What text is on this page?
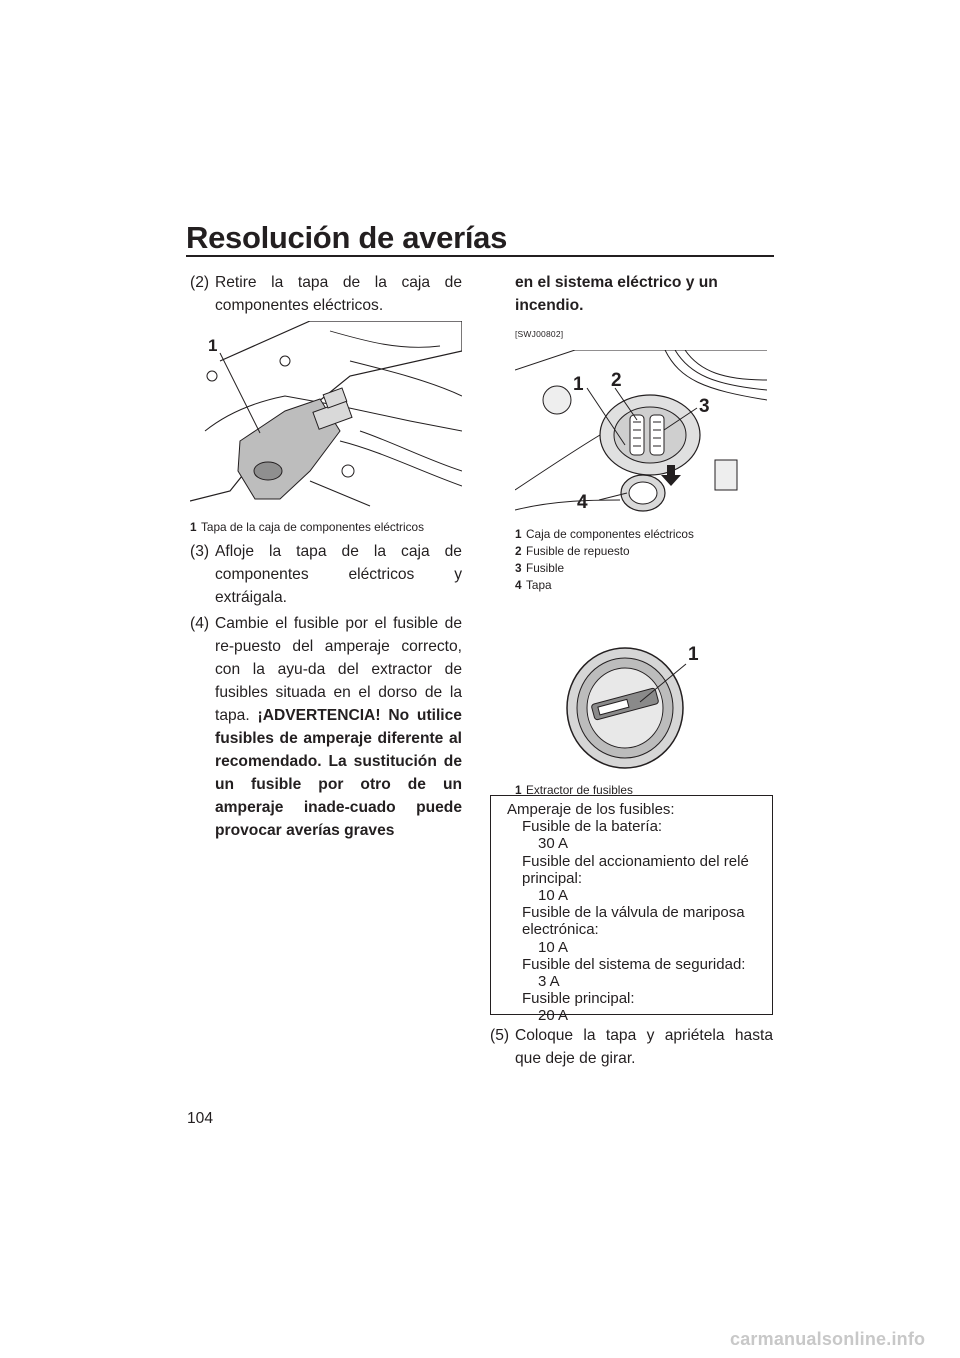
Resolución de averías
(2) Retire la tapa de la caja de componentes eléctricos.
1
1 Tapa de la caja de componentes eléctricos
(3) Afloje la tapa de la caja de componentes eléctricos y extráigala.
(4) Cambie el fusible por el fusible de re-puesto del amperaje correcto, con la ayu-da del extractor de fusibles situada en el dorso de la tapa. ¡ADVERTENCIA! No utilice fusibles de amperaje diferente al recomendado. La sustitución de un fusible por otro de un amperaje inade-cuado puede provocar averías graves
en el sistema eléctrico y un incendio.
[SWJ00802]
1 2
3
4
1 Caja de componentes eléctricos
2 Fusible de repuesto
3 Fusible
4 Tapa
1
1 Extractor de fusibles
Amperaje de los fusibles:
Fusible de la batería:
30 A
Fusible del accionamiento del relé
principal:
10 A
Fusible de la válvula de mariposa
electrónica:
10 A
Fusible del sistema de seguridad:
3 A
Fusible principal:
20 A
(5) Coloque la tapa y apriétela hasta que deje de girar.
104
carmanualsonline.info
